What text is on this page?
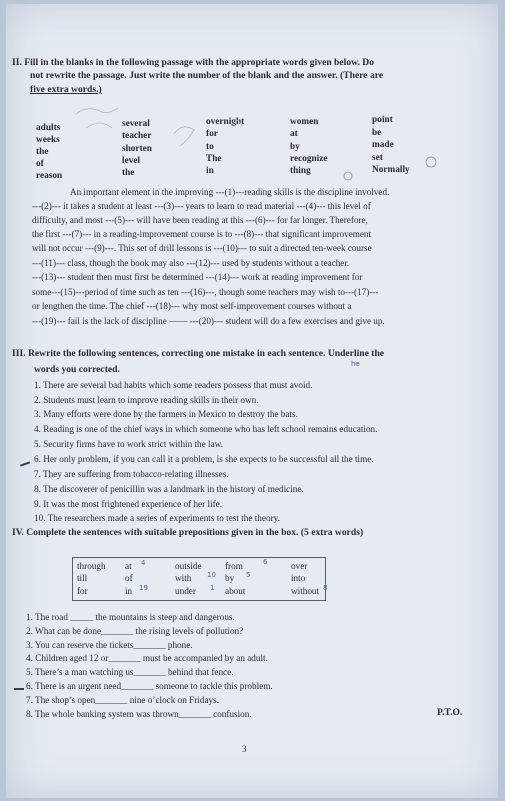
II. Fill in the blanks in the following passage with the appropriate words given below. Do
not rewrite the passage. Just write the number of the blank and the answer. (There are
five extra words.)
adults
weeks
the
of
reason
several
teacher
shorten
level
the
overnight
for
to
The
in
women
at
by
recognize
thing
point
be
made
set
Normally
An important element in the improving ---(1)---reading skills is the discipline involved.
---(2)--- it takes a student at least ---(3)--- years to learn to read material ---(4)--- this level of
difficulty, and most ---(5)--- will have been reading at this ---(6)--- for far longer. Therefore,
the first ---(7)--- in a reading-improvement course is to ---(8)--- that significant improvement
will not occur ---(9)---. This set of drill lessons is ---(10)--- to suit a directed ten-week course
---(11)--- class, though the book may also ---(12)--- used by students without a teacher.
---(13)--- student then must first be determined ---(14)--- work at reading improvement for
some---(15)---period of time such as ten ---(16)---, though some teachers may wish to---(17)---
or lengthen the time. The chief ---(18)--- why most self-improvement courses without a
---(19)--- fail is the lack of discipline —— ---(20)--- student will do a few exercises and give up.
III. Rewrite the following sentences, correcting one mistake in each sentence. Underline the
words you corrected.	he
1. There are several bad habits which some readers possess that must avoid.
2. Students must learn to improve reading skills in their own.
3. Many efforts were done by the farmers in Mexico to destroy the bats.
4. Reading is one of the chief ways in which someone who has left school remains education.
5. Security firms have to work strict within the law.
6. Her only problem, if you can call it a problem, is she expects to be successful all the time.
7. They are suffering from tobacco-relating illnesses.
8. The discoverer of penicillin was a landmark in the history of medicine.
9. It was the most frightened experience of her life.
10. The researchers made a series of experiments to test the theory.
IV. Complete the sentences with suitable prepositions given in the box. (5 extra words)
through at	outside	from	over
till	of	with	by	into
for	in	under	about	without
4	6
10	5
19	1	8
1. The road _____ the mountains is steep and dangerous.
2. What can be done_______ the rising levels of pollution?
3. You can reserve the tickets_______ phone.
4. Children aged 12 or_______ must be accompanied by an adult.
5. There’s a man watching us_______ behind that fence.
6. There is an urgent need_______ someone to tackle this problem.
7. The shop’s open_______ nine o’clock on Fridays.
8. The whole banking system was thrown_______ confusion.	P.T.O.
3
